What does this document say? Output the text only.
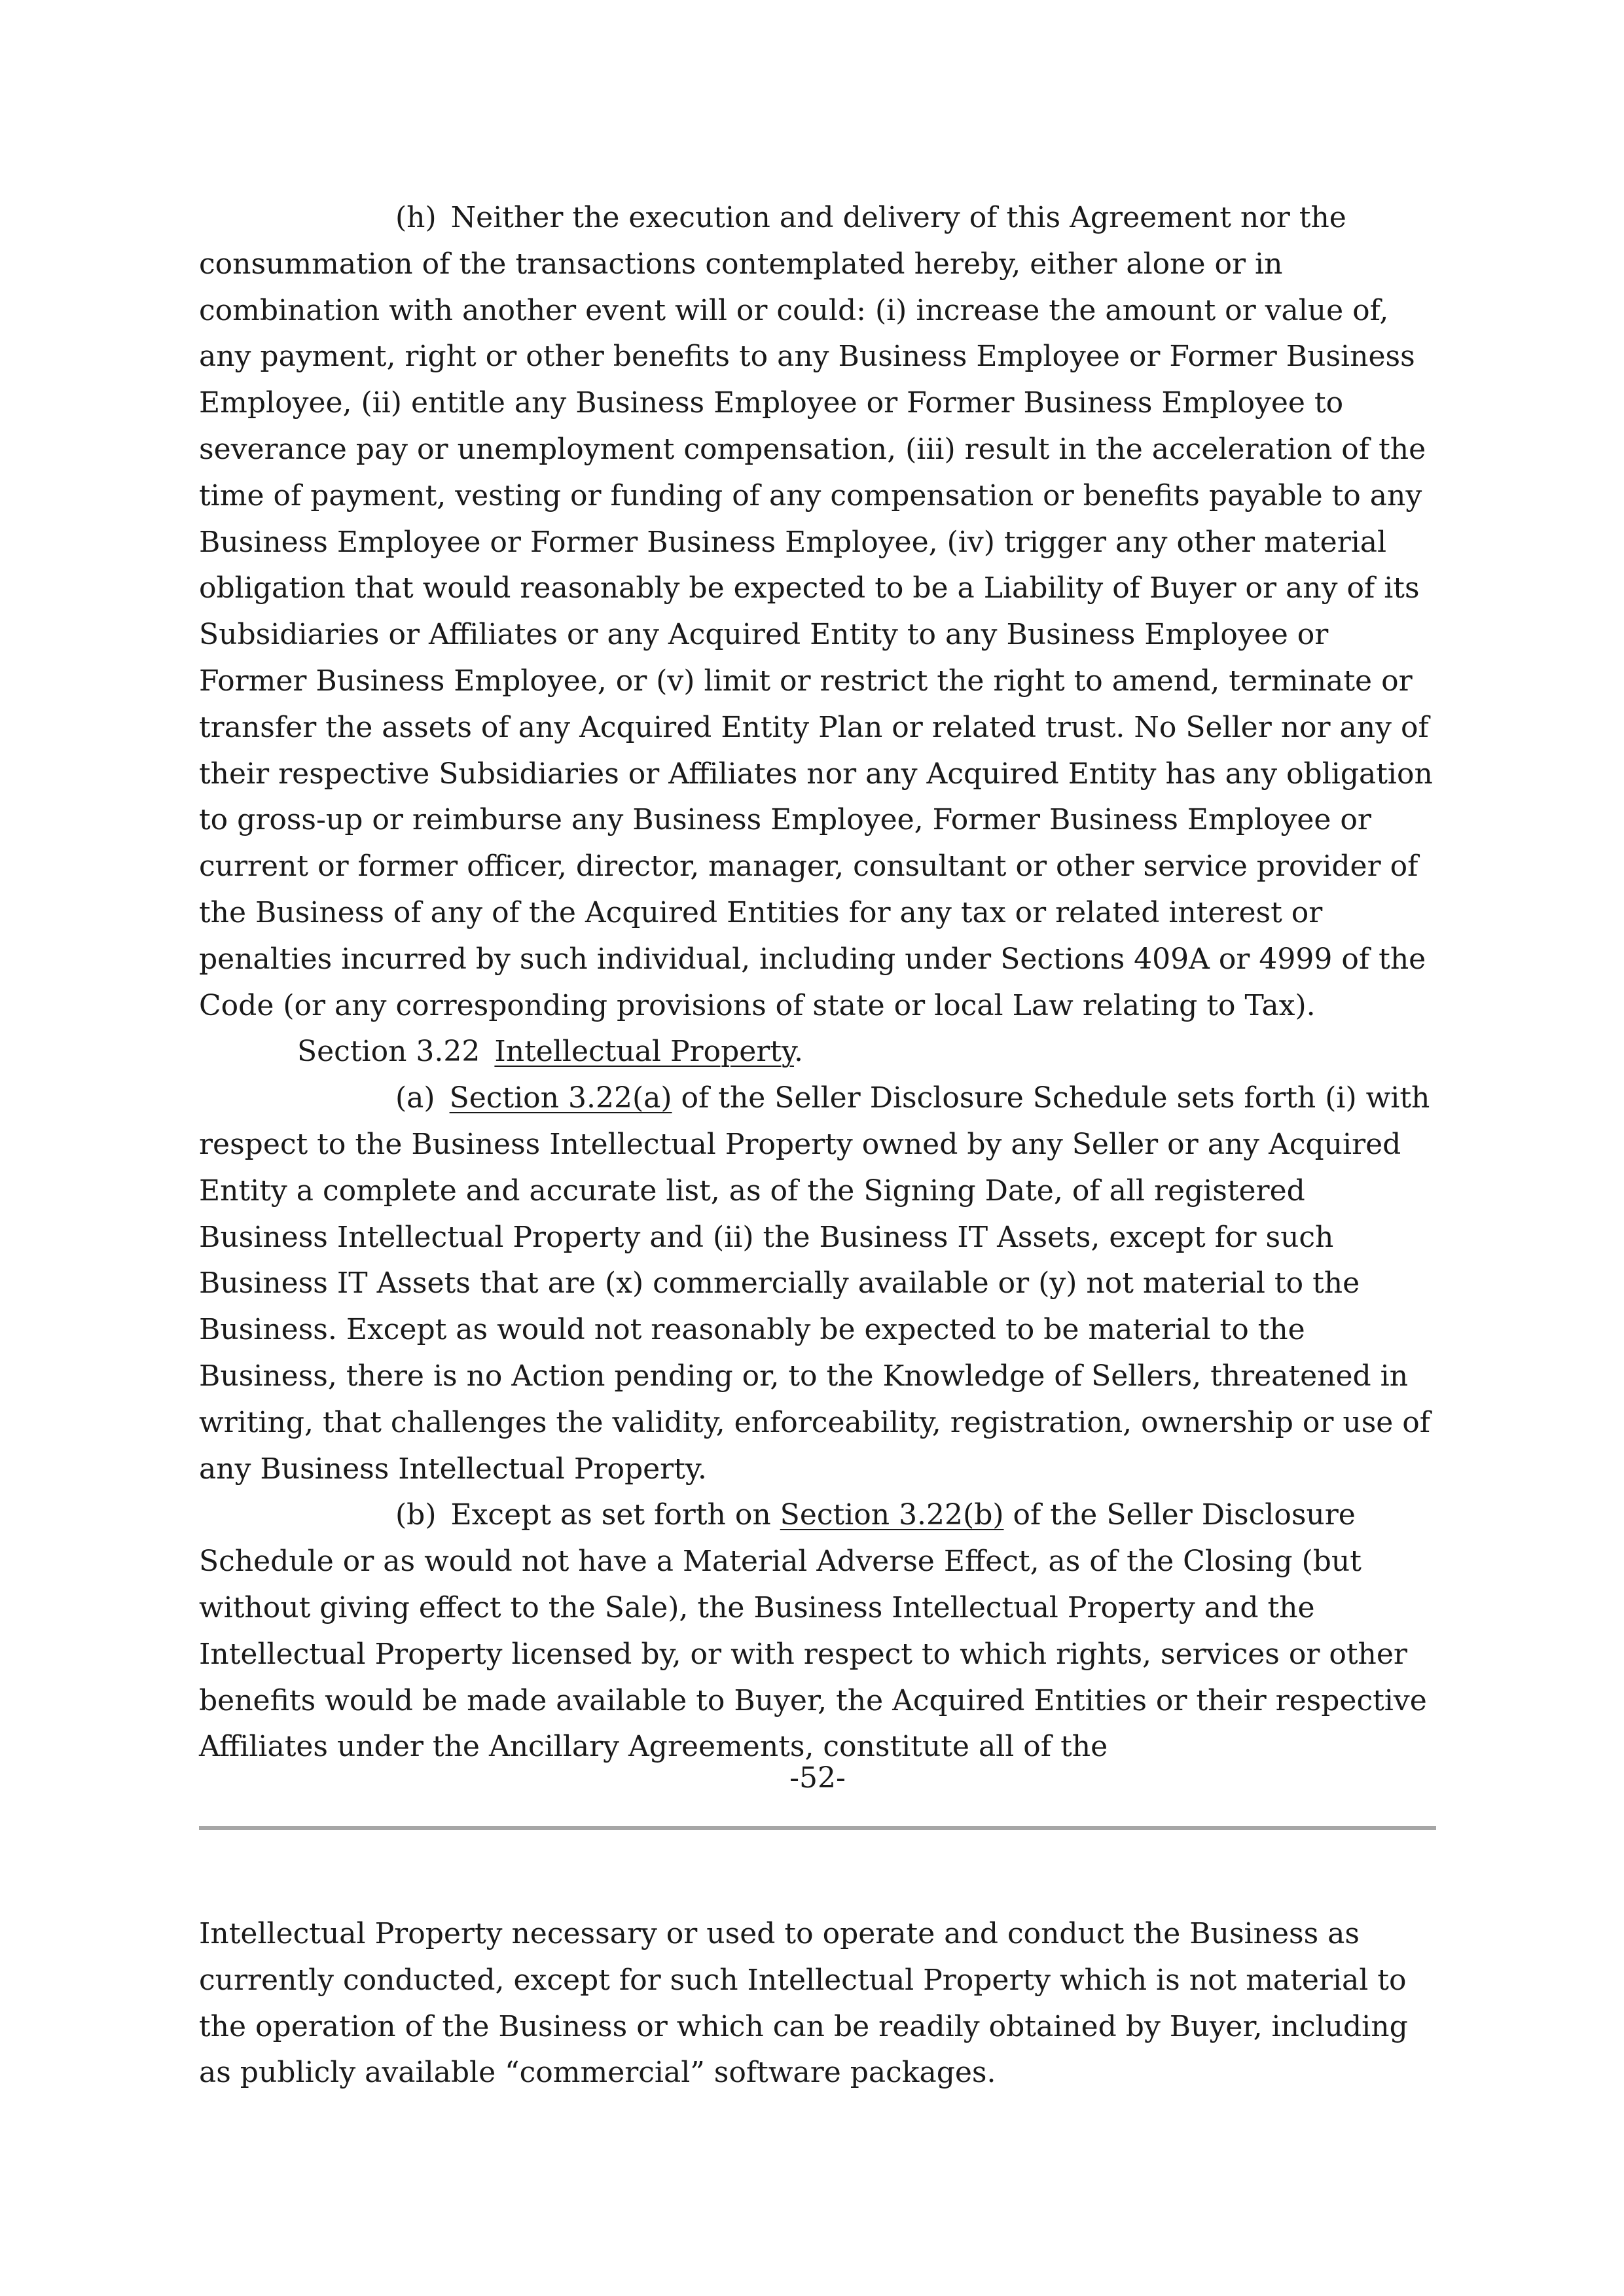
(h) Neither the execution and delivery of this Agreement nor the consummation of the transactions contemplated hereby, either alone or in combination with another event will or could: (i) increase the amount or value of, any payment, right or other benefits to any Business Employee or Former Business Employee, (ii) entitle any Business Employee or Former Business Employee to severance pay or unemployment compensation, (iii) result in the acceleration of the time of payment, vesting or funding of any compensation or benefits payable to any Business Employee or Former Business Employee, (iv) trigger any other material obligation that would reasonably be expected to be a Liability of Buyer or any of its Subsidiaries or Affiliates or any Acquired Entity to any Business Employee or Former Business Employee, or (v) limit or restrict the right to amend, terminate or transfer the assets of any Acquired Entity Plan or related trust. No Seller nor any of their respective Subsidiaries or Affiliates nor any Acquired Entity has any obligation to gross-up or reimburse any Business Employee, Former Business Employee or current or former officer, director, manager, consultant or other service provider of the Business of any of the Acquired Entities for any tax or related interest or penalties incurred by such individual, including under Sections 409A or 4999 of the Code (or any corresponding provisions of state or local Law relating to Tax).

Section 3.22 Intellectual Property.

(a) Section 3.22(a) of the Seller Disclosure Schedule sets forth (i) with respect to the Business Intellectual Property owned by any Seller or any Acquired Entity a complete and accurate list, as of the Signing Date, of all registered Business Intellectual Property and (ii) the Business IT Assets, except for such Business IT Assets that are (x) commercially available or (y) not material to the Business. Except as would not reasonably be expected to be material to the Business, there is no Action pending or, to the Knowledge of Sellers, threatened in writing, that challenges the validity, enforceability, registration, ownership or use of any Business Intellectual Property.

(b) Except as set forth on Section 3.22(b) of the Seller Disclosure Schedule or as would not have a Material Adverse Effect, as of the Closing (but without giving effect to the Sale), the Business Intellectual Property and the Intellectual Property licensed by, or with respect to which rights, services or other benefits would be made available to Buyer, the Acquired Entities or their respective Affiliates under the Ancillary Agreements, constitute all of the

-52-

Intellectual Property necessary or used to operate and conduct the Business as currently conducted, except for such Intellectual Property which is not material to the operation of the Business or which can be readily obtained by Buyer, including as publicly available “commercial” software packages.
